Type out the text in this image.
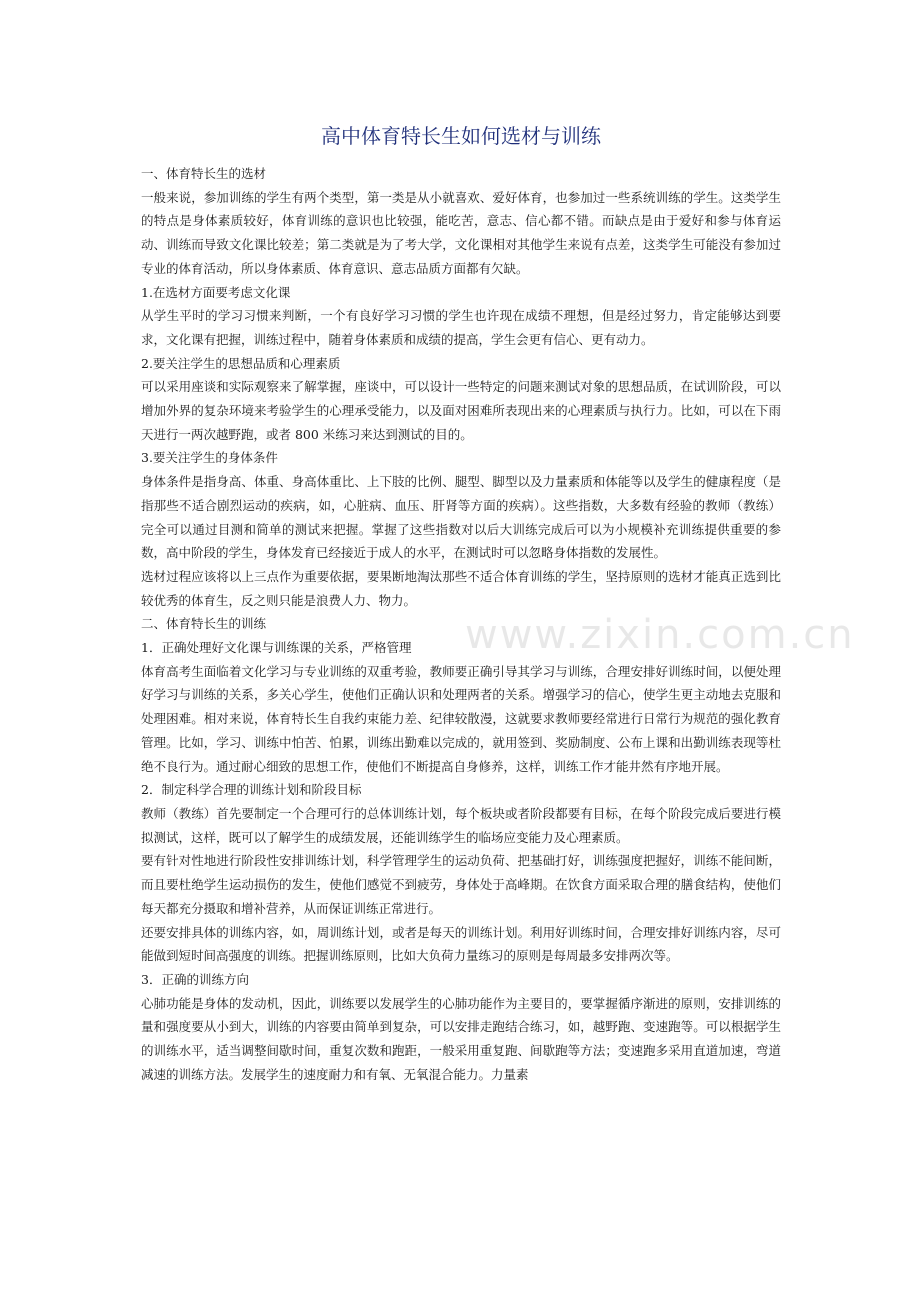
高中体育特长生如何选材与训练
一、体育特长生的选材
一般来说，参加训练的学生有两个类型，第一类是从小就喜欢、爱好体育，也参加过一些系统训练的学生。这类学生的特点是身体素质较好，体育训练的意识也比较强，能吃苦，意志、信心都不错。而缺点是由于爱好和参与体育运动、训练而导致文化课比较差；第二类就是为了考大学，文化课相对其他学生来说有点差，这类学生可能没有参加过专业的体育活动，所以身体素质、体育意识、意志品质方面都有欠缺。
1.在选材方面要考虑文化课
从学生平时的学习习惯来判断，一个有良好学习习惯的学生也许现在成绩不理想，但是经过努力，肯定能够达到要求，文化课有把握，训练过程中，随着身体素质和成绩的提高，学生会更有信心、更有动力。
2.要关注学生的思想品质和心理素质
可以采用座谈和实际观察来了解掌握，座谈中，可以设计一些特定的问题来测试对象的思想品质，在试训阶段，可以增加外界的复杂环境来考验学生的心理承受能力，以及面对困难所表现出来的心理素质与执行力。比如，可以在下雨天进行一两次越野跑，或者 800 米练习来达到测试的目的。
3.要关注学生的身体条件
身体条件是指身高、体重、身高体重比、上下肢的比例、腿型、脚型以及力量素质和体能等以及学生的健康程度（是指那些不适合剧烈运动的疾病，如，心脏病、血压、肝肾等方面的疾病）。这些指数，大多数有经验的教师（教练）完全可以通过目测和简单的测试来把握。掌握了这些指数对以后大训练完成后可以为小规模补充训练提供重要的参数，高中阶段的学生，身体发育已经接近于成人的水平，在测试时可以忽略身体指数的发展性。
选材过程应该将以上三点作为重要依据，要果断地淘汰那些不适合体育训练的学生，坚持原则的选材才能真正选到比较优秀的体育生，反之则只能是浪费人力、物力。
二、体育特长生的训练
1．正确处理好文化课与训练课的关系，严格管理
体育高考生面临着文化学习与专业训练的双重考验，教师要正确引导其学习与训练，合理安排好训练时间，以便处理好学习与训练的关系，多关心学生，使他们正确认识和处理两者的关系。增强学习的信心，使学生更主动地去克服和处理困难。相对来说，体育特长生自我约束能力差、纪律较散漫，这就要求教师要经常进行日常行为规范的强化教育管理。比如，学习、训练中怕苦、怕累，训练出勤难以完成的，就用签到、奖励制度、公布上课和出勤训练表现等杜绝不良行为。通过耐心细致的思想工作，使他们不断提高自身修养，这样，训练工作才能井然有序地开展。
2．制定科学合理的训练计划和阶段目标
教师（教练）首先要制定一个合理可行的总体训练计划，每个板块或者阶段都要有目标，在每个阶段完成后要进行模拟测试，这样，既可以了解学生的成绩发展，还能训练学生的临场应变能力及心理素质。
要有针对性地进行阶段性安排训练计划，科学管理学生的运动负荷、把基础打好，训练强度把握好，训练不能间断，而且要杜绝学生运动损伤的发生，使他们感觉不到疲劳，身体处于高峰期。在饮食方面采取合理的膳食结构，使他们每天都充分摄取和增补营养，从而保证训练正常进行。
还要安排具体的训练内容，如，周训练计划，或者是每天的训练计划。利用好训练时间，合理安排好训练内容，尽可能做到短时间高强度的训练。把握训练原则，比如大负荷力量练习的原则是每周最多安排两次等。
3．正确的训练方向
心肺功能是身体的发动机，因此，训练要以发展学生的心肺功能作为主要目的，要掌握循序渐进的原则，安排训练的量和强度要从小到大，训练的内容要由简单到复杂，可以安排走跑结合练习，如，越野跑、变速跑等。可以根据学生的训练水平，适当调整间歇时间，重复次数和跑距，一般采用重复跑、间歇跑等方法；变速跑多采用直道加速，弯道减速的训练方法。发展学生的速度耐力和有氧、无氧混合能力。力量素
www.zixin.com.cn
